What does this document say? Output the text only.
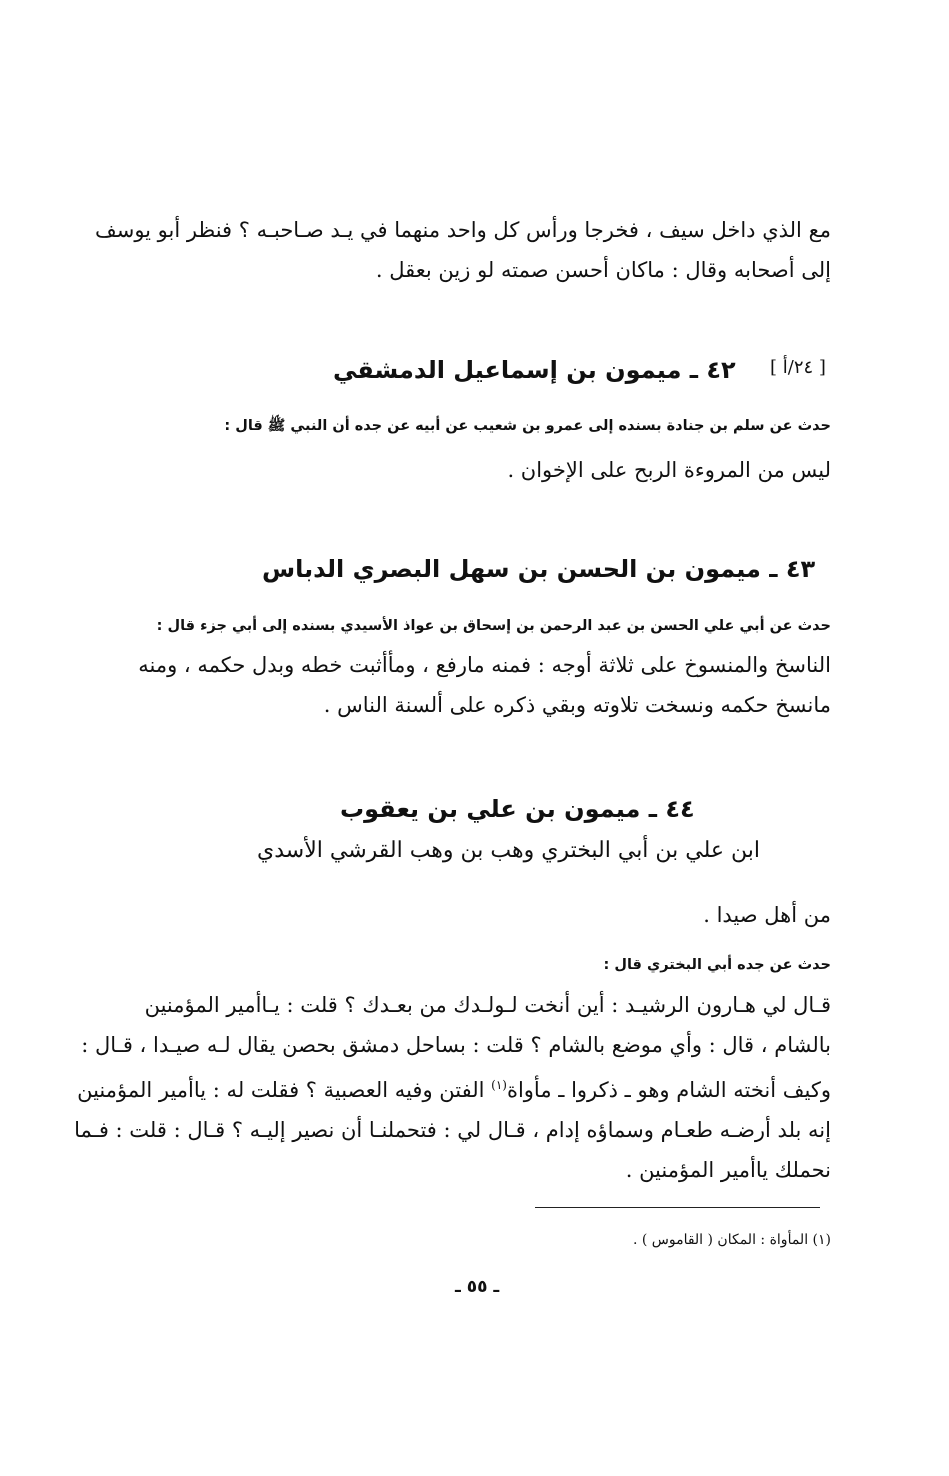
مع الذي داخل سيف ، فخرجا ورأس كل واحد منهما في يـد صـاحبـه ؟ فنظر أبو يوسف
إلى أصحابه وقال : ماكان أحسن صمته لو زين بعقل .
[ ٢٤/أ ]
٤٢ ـ ميمون بن إسماعيل الدمشقي
حدث عن سلم بن جنادة بسنده إلى عمرو بن شعيب عن أبيه عن جده أن النبي ﷺ قال :
ليس من المروءة الربح على الإخوان .
٤٣ ـ ميمون بن الحسن بن سهل البصري الدباس
حدث عن أبي علي الحسن بن عبد الرحمن بن إسحاق بن عواذ الأسيدي بسنده إلى أبي جزء قال :
الناسخ والمنسوخ على ثلاثة أوجه : فمنه مارفع ، ومأأثبت خطه وبدل حكمه ، ومنه
مانسخ حكمه ونسخت تلاوته وبقي ذكره على ألسنة الناس .
٤٤ ـ ميمون بن علي بن يعقوب
ابن علي بن أبي البختري وهب بن وهب القرشي الأسدي
من أهل صيدا .
حدث عن جده أبي البختري قال :
قـال لي هـارون الرشيـد : أين أنخت لـولـدك من بعـدك ؟ قلت : يـاأمير المؤمنين
بالشام ، قال : وأي موضع بالشام ؟ قلت : بساحل دمشق بحصن يقال لـه صيـدا ، قـال :
وكيف أنخته الشام وهو ـ ذكروا ـ مأواة$^{(١)}$ الفتن وفيه العصبية ؟ فقلت له : ياأمير المؤمنين
إنه بلد أرضـه طعـام وسماؤه إدام ، قـال لي : فتحملنـا أن نصير إليـه ؟ قـال : قلت : فـما
نحملك ياأمير المؤمنين .
(١) المأواة : المكان ( القاموس ) .
ـ ٥٥ ـ
